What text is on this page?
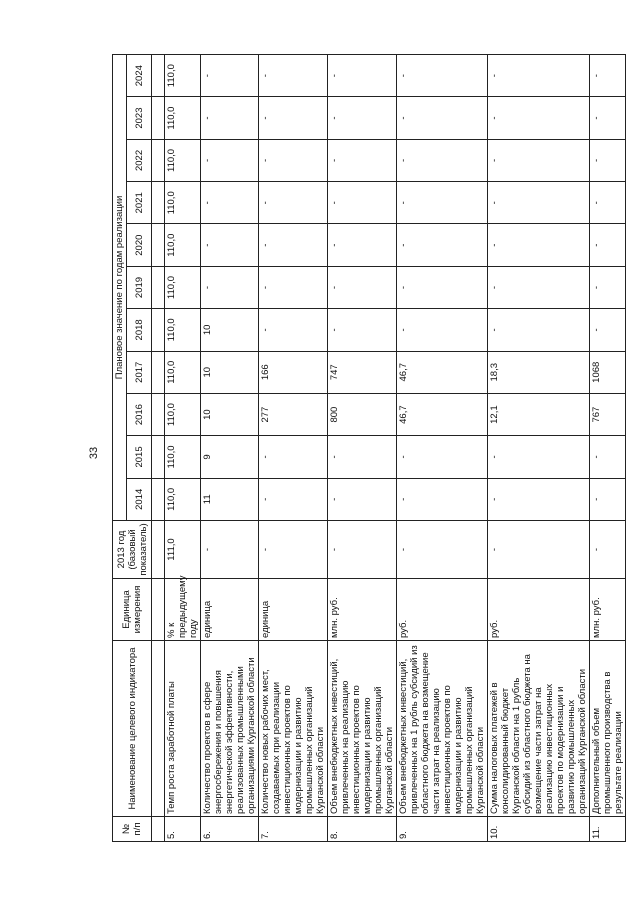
33
№ п/п	Наименование целевого индикатора	Единица измерения	2013 год (базовый показатель)	Плановое значение по годам реализации										
				2014	2015	2016	2017	2018	2019	2020	2021	2022	2023	2024

5.	Темп роста заработной платы	% к предыдущему году	111,0	110,0	110,0	110,0	110,0	110,0	110,0	110,0	110,0	110,0	110,0	110,0
6.	Количество проектов в сфере энергосбережения и повышения энергетической эффективности, реализованных промышленными организациями Курганской области	единица	-	11	9	10	10	10	-	-	-	-	-	-
7.	Количество новых рабочих мест, создаваемых при реализации инвестиционных проектов по модернизации и развитию промышленных организаций Курганской области	единица	-	-	-	277	166	-	-	-	-	-	-	-
8.	Объем внебюджетных инвестиций, привлеченных на реализацию инвестиционных проектов по модернизации и развитию промышленных организаций Курганской области	млн. руб.	-	-	-	800	747	-	-	-	-	-	-	-
9.	Объем внебюджетных инвестиций, привлеченных на 1 рубль субсидий из областного бюджета на возмещение части затрат на реализацию инвестиционных проектов по модернизации и развитию промышленных организаций Курганской области	руб.	-	-	-	46,7	46,7	-	-	-	-	-	-	-
10.	Сумма налоговых платежей в консолидированный бюджет Курганской области на 1 рубль субсидий из областного бюджета на возмещение части затрат на реализацию инвестиционных проектов по модернизации и развитию промышленных организаций Курганской области	руб.	-	-	-	12,1	18,3	-	-	-	-	-	-	-
11.	Дополнительный объем промышленного производства в результате реализации	млн. руб.	-	-	-	767	1068	-	-	-	-	-	-	-
